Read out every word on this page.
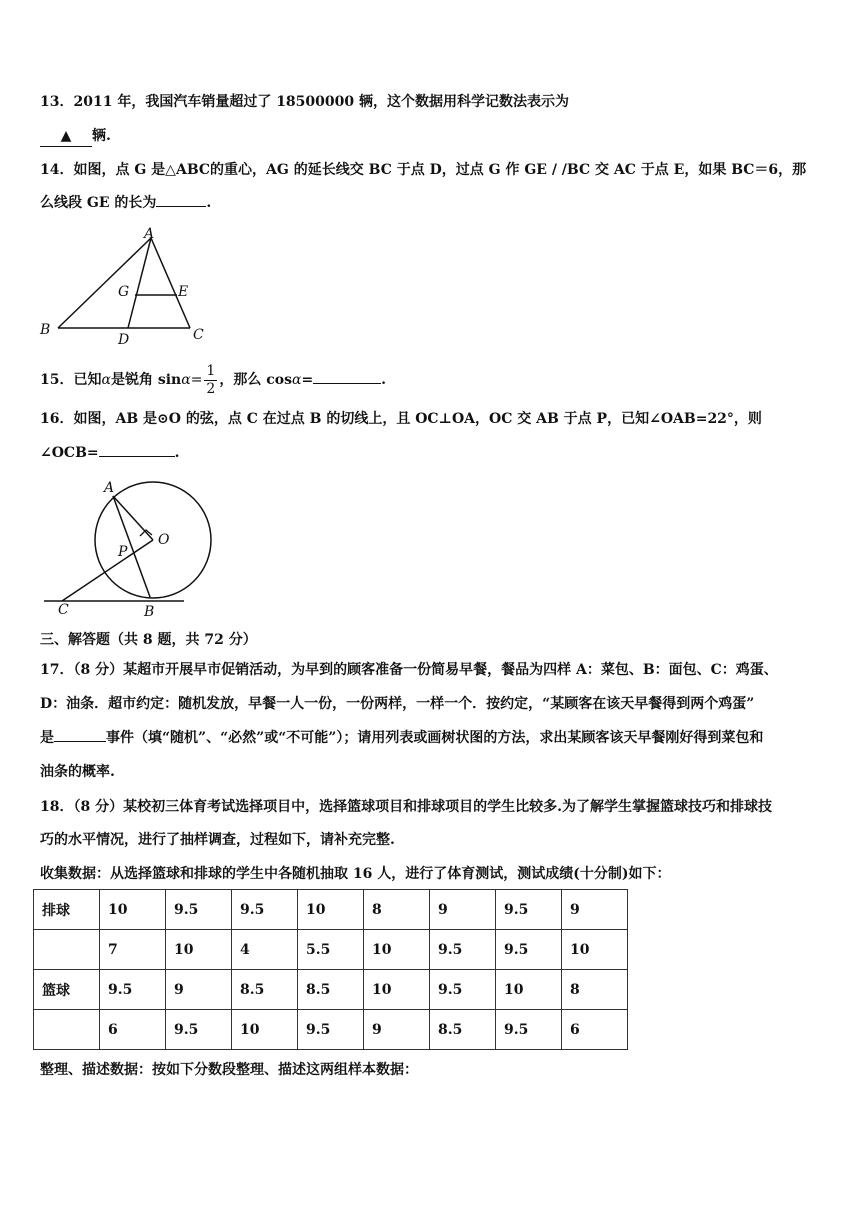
13．2011 年，我国汽车销量超过了 18500000 辆，这个数据用科学记数法表示为
▲ 辆.
14．如图，点 G 是△ABC的重心，AG 的延长线交 BC 于点 D，过点 G 作 GE / /BC 交 AC 于点 E，如果 BC＝6，那
么线段 GE 的长为	.
A
B	C
D
E
G
15．已知α是锐角 $\sin\alpha= \frac{1}{2}$ ，那么 cosα=	.
16．如图，AB 是⊙O 的弦，点 C 在过点 B 的切线上，且 OC⊥OA，OC 交 AB 于点 P，已知∠OAB=22°，则
∠OCB=	.
A
O
P
B
C
三、解答题（共 8 题，共 72 分）
17．（8 分）某超市开展早市促销活动，为早到的顾客准备一份简易早餐，餐品为四样 A：菜包、B：面包、C：鸡蛋、
D：油条．超市约定：随机发放，早餐一人一份，一份两样，一样一个．按约定，“某顾客在该天早餐得到两个鸡蛋”
是	事件（填“随机”、“必然”或“不可能”）；请用列表或画树状图的方法，求出某顾客该天早餐刚好得到菜包和
油条的概率.
18．（8 分）某校初三体育考试选择项目中，选择篮球项目和排球项目的学生比较多.为了解学生掌握篮球技巧和排球技
巧的水平情况，进行了抽样调查，过程如下，请补充完整.
收集数据：从选择篮球和排球的学生中各随机抽取 16 人，进行了体育测试，测试成绩(十分制)如下：
排球	10	9.5	9.5	10	8	9	9.5	9
	7	10	4	5.5	10	9.5	9.5	10
篮球	9.5	9	8.5	8.5	10	9.5	10	8
	6	9.5	10	9.5	9	8.5	9.5	6
整理、描述数据：按如下分数段整理、描述这两组样本数据：
